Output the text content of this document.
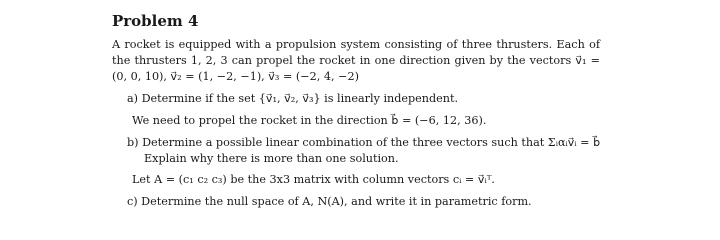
Problem 4
A rocket is equipped with a propulsion system consisting of three thrusters. Each of
the thrusters 1, 2, 3 can propel the rocket in one direction given by the vectors v⃗₁ =
(0, 0, 10), v⃗₂ = (1, −2, −1), v⃗₃ = (−2, 4, −2)
a) Determine if the set {v⃗₁, v⃗₂, v⃗₃} is linearly independent.
We need to propel the rocket in the direction b⃗ = (−6, 12, 36).
b) Determine a possible linear combination of the three vectors such that Σᵢαᵢv⃗ᵢ = b⃗
Explain why there is more than one solution.
Let A = (c₁ c₂ c₃) be the 3x3 matrix with column vectors cᵢ = v⃗ᵢᵀ.
c) Determine the null space of A, N(A), and write it in parametric form.
